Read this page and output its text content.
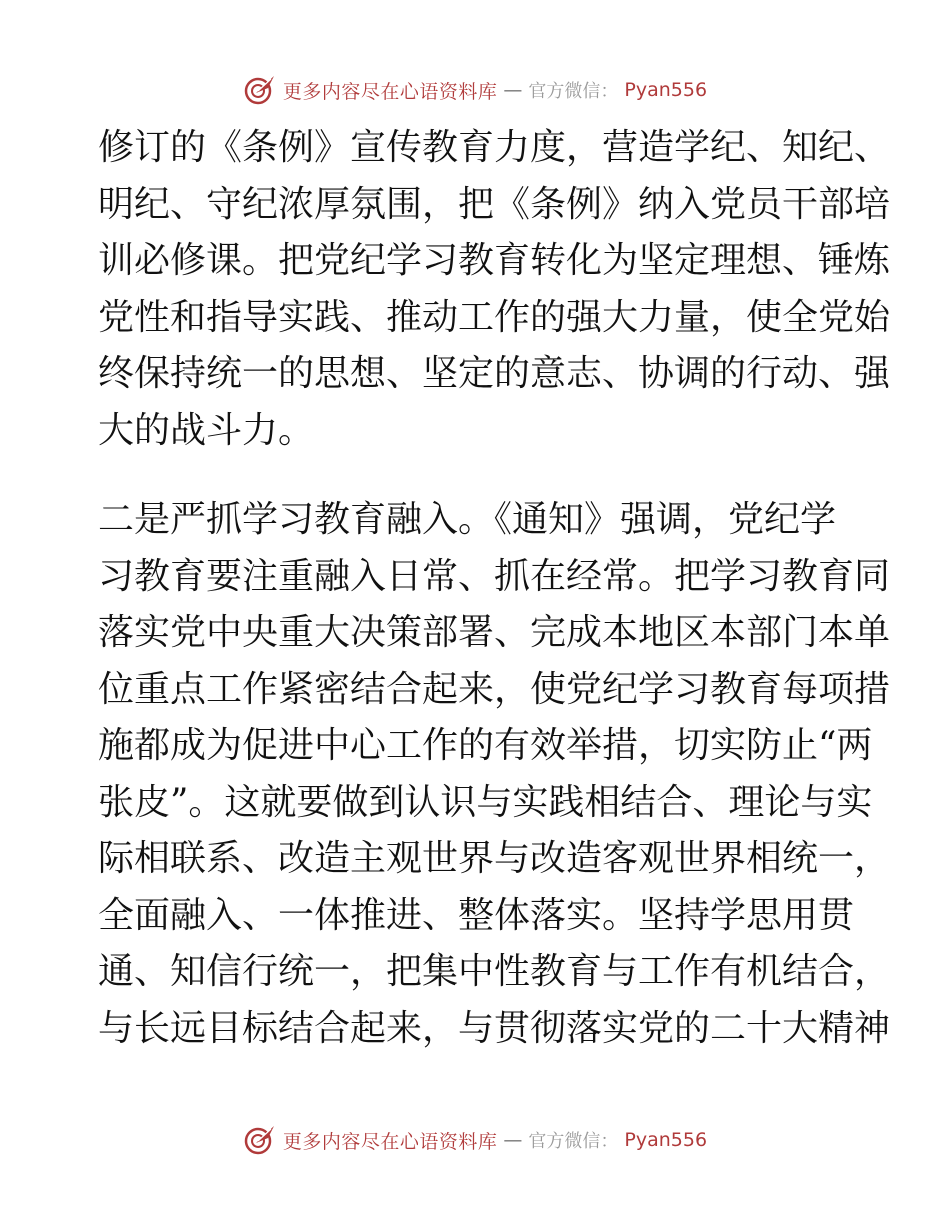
更多内容尽在心语资料库 — 官方微信： Pyan556
修订的《条例》宣传教育力度，营造学纪、知纪、
明纪、守纪浓厚氛围，把《条例》纳入党员干部培
训必修课。把党纪学习教育转化为坚定理想、锤炼
党性和指导实践、推动工作的强大力量，使全党始
终保持统一的思想、坚定的意志、协调的行动、强
大的战斗力。
二是严抓学习教育融入。《通知》强调，党纪学
习教育要注重融入日常、抓在经常。把学习教育同
落实党中央重大决策部署、完成本地区本部门本单
位重点工作紧密结合起来，使党纪学习教育每项措
施都成为促进中心工作的有效举措，切实防止“两
张皮”。这就要做到认识与实践相结合、理论与实
际相联系、改造主观世界与改造客观世界相统一，
全面融入、一体推进、整体落实。坚持学思用贯
通、知信行统一，把集中性教育与工作有机结合，
与长远目标结合起来，与贯彻落实党的二十大精神
更多内容尽在心语资料库 — 官方微信： Pyan556
